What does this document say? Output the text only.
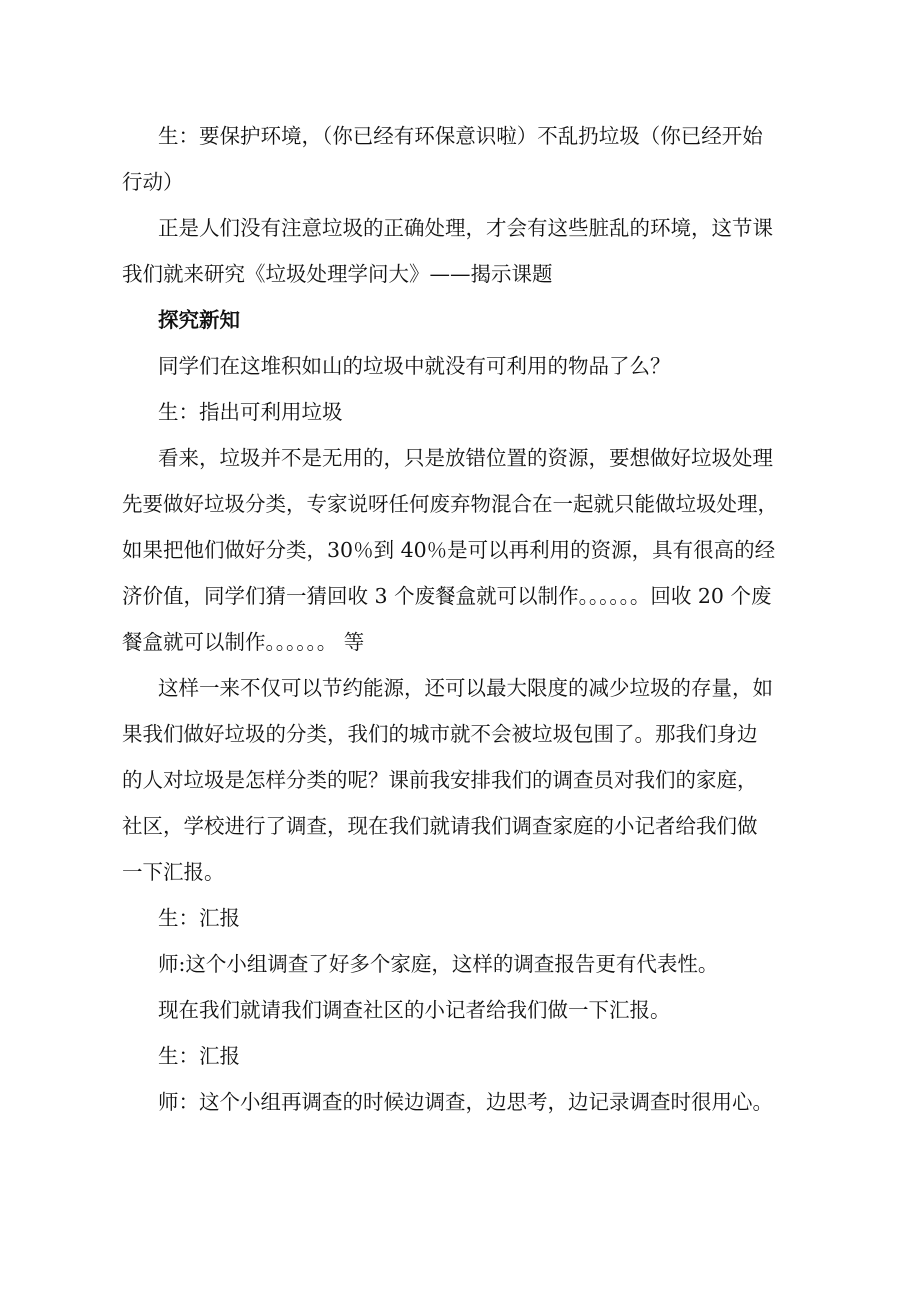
生：要保护环境，（你已经有环保意识啦）不乱扔垃圾（你已经开始
行动）
正是人们没有注意垃圾的正确处理，才会有这些脏乱的环境，这节课
我们就来研究《垃圾处理学问大》——揭示课题
探究新知
同学们在这堆积如山的垃圾中就没有可利用的物品了么？
生：指出可利用垃圾
看来，垃圾并不是无用的，只是放错位置的资源，要想做好垃圾处理
先要做好垃圾分类，专家说呀任何废弃物混合在一起就只能做垃圾处理，
如果把他们做好分类，30％到 40％是可以再利用的资源，具有很高的经
济价值，同学们猜一猜回收 3 个废餐盒就可以制作。。。。。。回收 20 个废
餐盒就可以制作。。。。。。 等
这样一来不仅可以节约能源，还可以最大限度的减少垃圾的存量，如
果我们做好垃圾的分类，我们的城市就不会被垃圾包围了。那我们身边
的人对垃圾是怎样分类的呢？课前我安排我们的调查员对我们的家庭，
社区，学校进行了调查，现在我们就请我们调查家庭的小记者给我们做
一下汇报。
生：汇报
师:这个小组调查了好多个家庭，这样的调查报告更有代表性。
现在我们就请我们调查社区的小记者给我们做一下汇报。
生：汇报
师：这个小组再调查的时候边调查，边思考，边记录调查时很用心。
